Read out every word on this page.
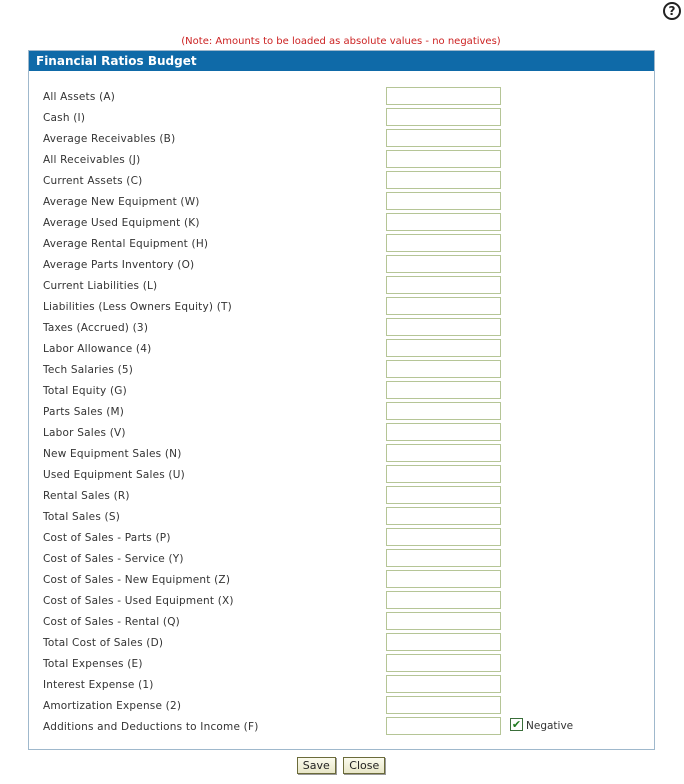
?
(Note: Amounts to be loaded as absolute values - no negatives)
Financial Ratios Budget
All Assets (A)
Cash (I)
Average Receivables (B)
All Receivables (J)
Current Assets (C)
Average New Equipment (W)
Average Used Equipment (K)
Average Rental Equipment (H)
Average Parts Inventory (O)
Current Liabilities (L)
Liabilities (Less Owners Equity) (T)
Taxes (Accrued) (3)
Labor Allowance (4)
Tech Salaries (5)
Total Equity (G)
Parts Sales (M)
Labor Sales (V)
New Equipment Sales (N)
Used Equipment Sales (U)
Rental Sales (R)
Total Sales (S)
Cost of Sales - Parts (P)
Cost of Sales - Service (Y)
Cost of Sales - New Equipment (Z)
Cost of Sales - Used Equipment (X)
Cost of Sales - Rental (Q)
Total Cost of Sales (D)
Total Expenses (E)
Interest Expense (1)
Amortization Expense (2)
Additions and Deductions to Income (F)	✔ Negative
Save Close
